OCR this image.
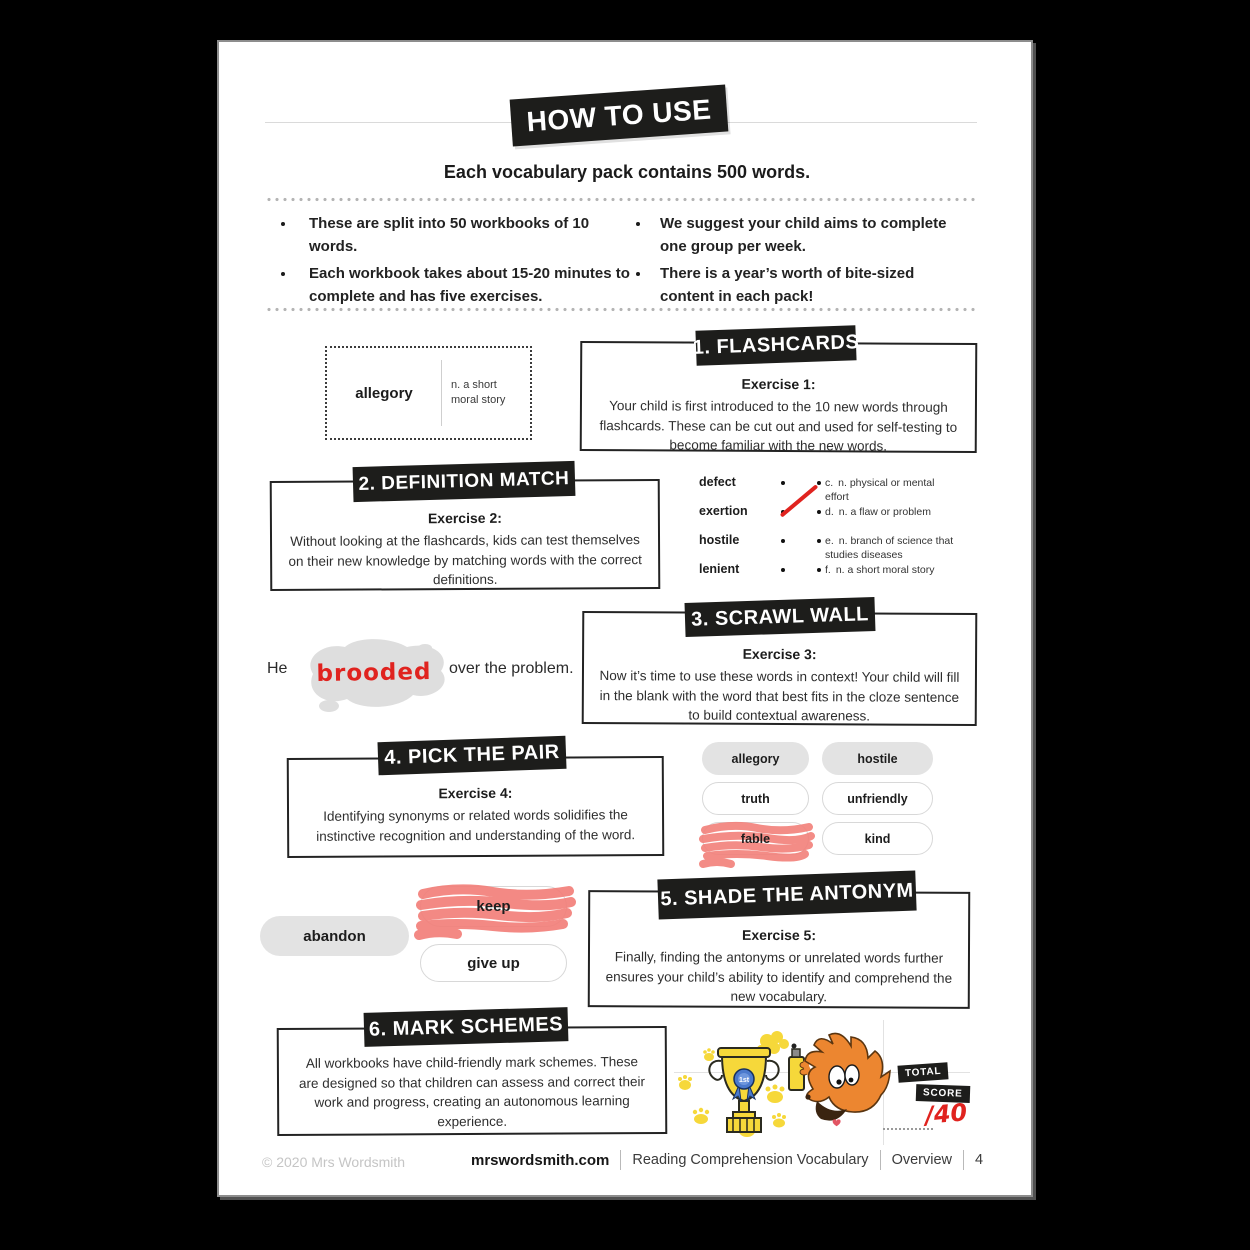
HOW TO USE
Each vocabulary pack contains 500 words.
These are split into 50 workbooks of 10 words.
Each workbook takes about 15-20 minutes to complete and has five exercises.
We suggest your child aims to complete one group per week.
There is a year’s worth of bite-sized content in each pack!
allegory	n. a short moral story
1. FLASHCARDS
Exercise 1:
Your child is first introduced to the 10 new words through flashcards. These can be cut out and used for self-testing to become familiar with the new words.
2. DEFINITION MATCH
Exercise 2:
Without looking at the flashcards, kids can test themselves on their new knowledge by matching words with the correct definitions.
defect	c. n. physical or mental effort
exertion	d. n. a flaw or problem
hostile	e. n. branch of science that studies diseases
lenient	f. n. a short moral story
He	brooded	over the problem.
3. SCRAWL WALL
Exercise 3:
Now it’s time to use these words in context! Your child will fill in the blank with the word that best fits in the cloze sentence to build contextual awareness.
4. PICK THE PAIR
Exercise 4:
Identifying synonyms or related words solidifies the instinctive recognition and understanding of the word.
allegory	hostile
truth	unfriendly
fable	kind
abandon
keep
give up
5. SHADE THE ANTONYM
Exercise 5:
Finally, finding the antonyms or unrelated words further ensures your child’s ability to identify and comprehend the new vocabulary.
6. MARK SCHEMES
All workbooks have child-friendly mark schemes. These are designed so that children can assess and correct their work and progress, creating an autonomous learning experience.
1st
TOTAL
SCORE
/40
© 2020 Mrs Wordsmith	mrswordsmith.com Reading Comprehension Vocabulary Overview 4
